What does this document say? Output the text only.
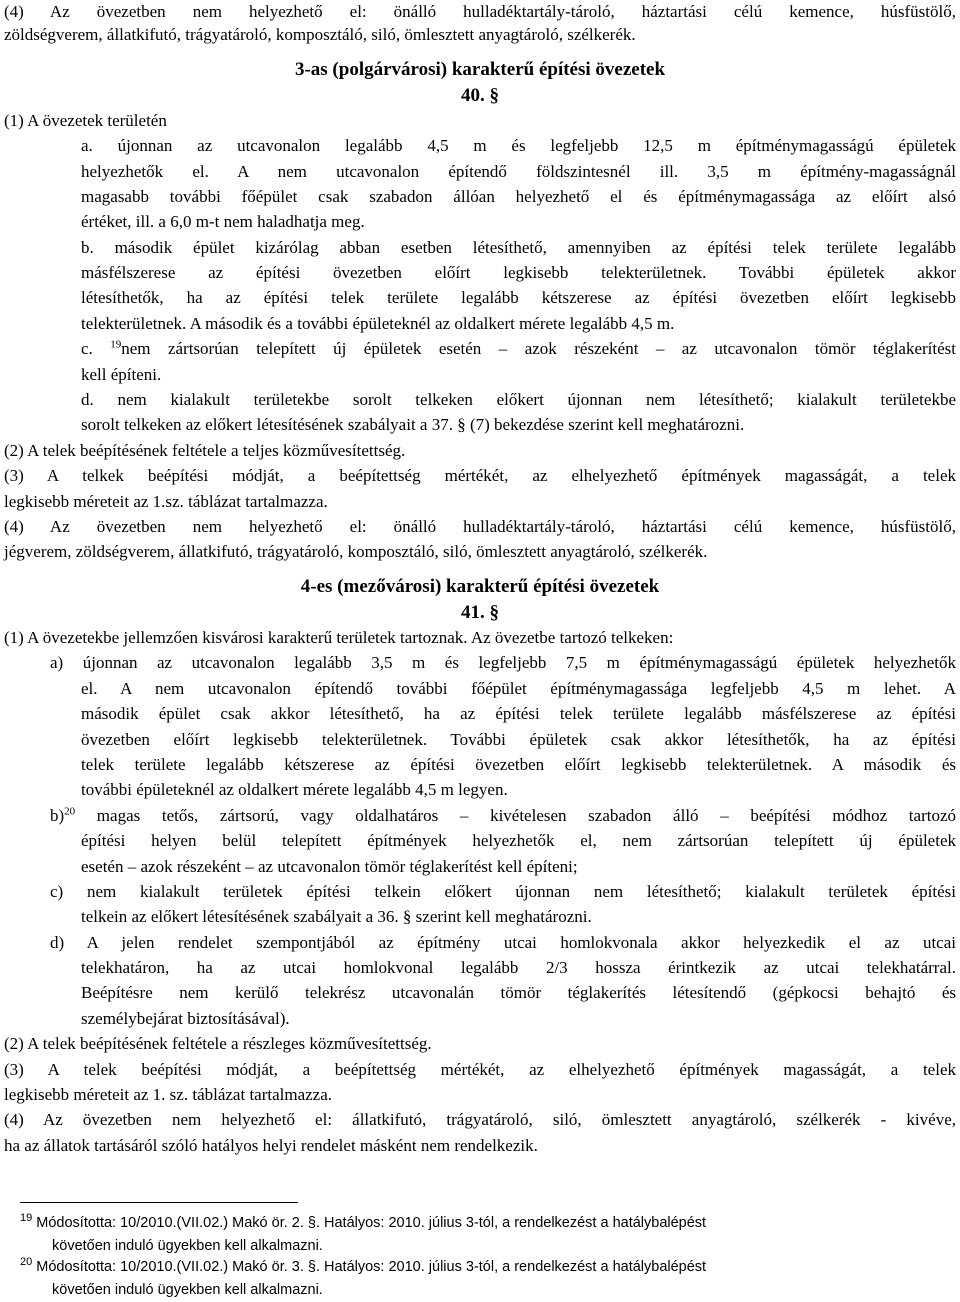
(4) Az övezetben nem helyezhető el: önálló hulladéktartály-tároló, háztartási célú kemence, húsfüstölő,
zöldségverem, állatkifutó, trágyatároló, komposztáló, siló, ömlesztett anyagtároló, szélkerék.
3-as (polgárvárosi) karakterű építési övezetek
40. §
(1) A övezetek területén
a. újonnan az utcavonalon legalább 4,5 m és legfeljebb 12,5 m építménymagasságú épületek
helyezhetők el. A nem utcavonalon építendő földszintesnél ill. 3,5 m építmény-magasságnál
magasabb további főépület csak szabadon állóan helyezhető el és építménymagassága az előírt alsó
értéket, ill. a 6,0 m-t nem haladhatja meg.
b. második épület kizárólag abban esetben létesíthető, amennyiben az építési telek területe legalább
másfélszerese az építési övezetben előírt legkisebb telekterületnek. További épületek akkor
létesíthetők, ha az építési telek területe legalább kétszerese az építési övezetben előírt legkisebb
telekterületnek. A második és a további épületeknél az oldalkert mérete legalább 4,5 m.
c. $^{19}$nem zártsorúan telepített új épületek esetén – azok részeként – az utcavonalon tömör téglakerítést
kell építeni.
d. nem kialakult területekbe sorolt telkeken előkert újonnan nem létesíthető; kialakult területekbe
sorolt telkeken az előkert létesítésének szabályait a 37. § (7) bekezdése szerint kell meghatározni.
(2) A telek beépítésének feltétele a teljes közművesítettség.
(3) A telkek beépítési módját, a beépítettség mértékét, az elhelyezhető építmények magasságát, a telek
legkisebb méreteit az 1.sz. táblázat tartalmazza.
(4) Az övezetben nem helyezhető el: önálló hulladéktartály-tároló, háztartási célú kemence, húsfüstölő,
jégverem, zöldségverem, állatkifutó, trágyatároló, komposztáló, siló, ömlesztett anyagtároló, szélkerék.
4-es (mezővárosi) karakterű építési övezetek
41. §
(1) A övezetekbe jellemzően kisvárosi karakterű területek tartoznak. Az övezetbe tartozó telkeken:
a) újonnan az utcavonalon legalább 3,5 m és legfeljebb 7,5 m építménymagasságú épületek helyezhetők
el. A nem utcavonalon építendő további főépület építménymagassága legfeljebb 4,5 m lehet. A
második épület csak akkor létesíthető, ha az építési telek területe legalább másfélszerese az építési
övezetben előírt legkisebb telekterületnek. További épületek csak akkor létesíthetők, ha az építési
telek területe legalább kétszerese az építési övezetben előírt legkisebb telekterületnek. A második és
további épületeknél az oldalkert mérete legalább 4,5 m legyen.
b)$^{20}$ magas tetős, zártsorú, vagy oldalhatáros – kivételesen szabadon álló – beépítési módhoz tartozó
építési helyen belül telepített építmények helyezhetők el, nem zártsorúan telepített új épületek
esetén – azok részeként – az utcavonalon tömör téglakerítést kell építeni;
c) nem kialakult területek építési telkein előkert újonnan nem létesíthető; kialakult területek építési
telkein az előkert létesítésének szabályait a 36. § szerint kell meghatározni.
d) A jelen rendelet szempontjából az építmény utcai homlokvonala akkor helyezkedik el az utcai
telekhatáron, ha az utcai homlokvonal legalább 2/3 hossza érintkezik az utcai telekhatárral.
Beépítésre nem kerülő telekrész utcavonalán tömör téglakerítés létesítendő (gépkocsi behajtó és
személybejárat biztosításával).
(2) A telek beépítésének feltétele a részleges közművesítettség.
(3) A telek beépítési módját, a beépítettség mértékét, az elhelyezhető építmények magasságát, a telek
legkisebb méreteit az 1. sz. táblázat tartalmazza.
(4) Az övezetben nem helyezhető el: állatkifutó, trágyatároló, siló, ömlesztett anyagtároló, szélkerék - kivéve,
ha az állatok tartásáról szóló hatályos helyi rendelet másként nem rendelkezik.
$^{19}$ Módosította: 10/2010.(VII.02.) Makó ör. 2. §. Hatályos: 2010. július 3-tól, a rendelkezést a hatálybalépést
követően induló ügyekben kell alkalmazni.
$^{20}$ Módosította: 10/2010.(VII.02.) Makó ör. 3. §. Hatályos: 2010. július 3-tól, a rendelkezést a hatálybalépést
követően induló ügyekben kell alkalmazni.
